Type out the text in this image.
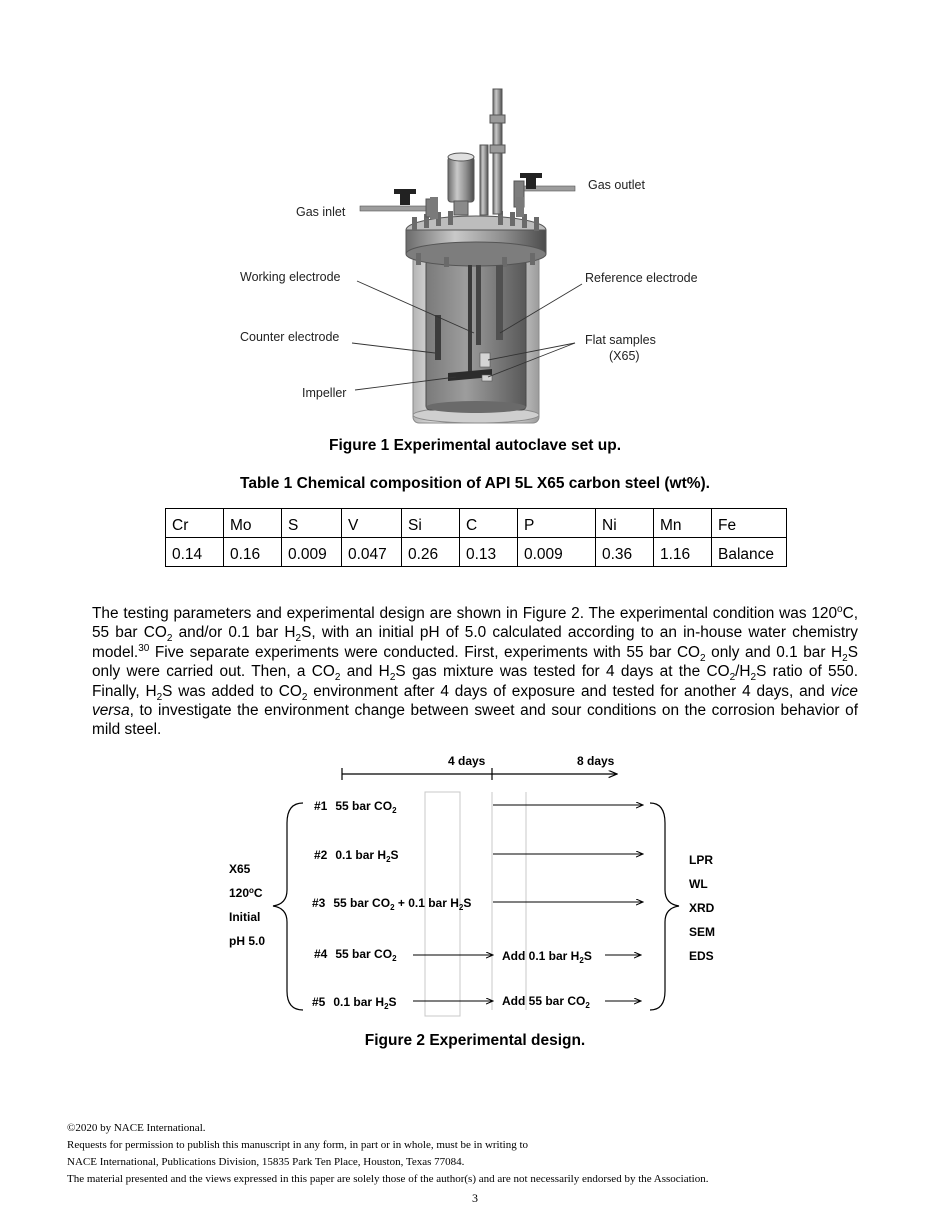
Gas outlet
Gas inlet
Working electrode	Reference electrode
Counter electrode	Flat samples
(X65)
Impeller
Figure 1 Experimental autoclave set up.
Table 1 Chemical composition of API 5L X65 carbon steel (wt%).
Cr	Mo	S	V	Si	C	P	Ni	Mn	Fe
0.14	0.16	0.009	0.047	0.26	0.13	0.009	0.36	1.16	Balance

The testing parameters and experimental design are shown in Figure 2. The experimental condition was 120$^o$C, 55 bar $CO_2$ and/or 0.1 bar $H_2S$, with an initial pH of 5.0 calculated according to an in-house water chemistry model.$^{30}$ Five separate experiments were conducted. First, experiments with 55 bar $CO_2$ only and 0.1 bar $H_2S$ only were carried out. Then, a $CO_2$ and $H_2S$ gas mixture was tested for 4 days at the $CO_2/H_2S$ ratio of 550. Finally, $H_2S$ was added to $CO_2$ environment after 4 days of exposure and tested for another 4 days, and vice versa, to investigate the environment change between sweet and sour conditions on the corrosion behavior of mild steel.

4 days	8 days
X65
120$^o$C
Initial
pH 5.0
#1 55 bar $CO_2$
#2 0.1 bar $H_2S$
#3 55 bar $CO_2 + 0.1$ bar $H_2S$
#4 55 bar $CO_2$	Add 0.1 bar $H_2S$
#5 0.1 bar $H_2S$	Add 55 bar $CO_2$
LPR
WL
XRD
SEM
EDS
Figure 2 Experimental design.
©2020 by NACE International.
Requests for permission to publish this manuscript in any form, in part or in whole, must be in writing to
NACE International, Publications Division, 15835 Park Ten Place, Houston, Texas 77084.
The material presented and the views expressed in this paper are solely those of the author(s) and are not necessarily endorsed by the Association.
3
